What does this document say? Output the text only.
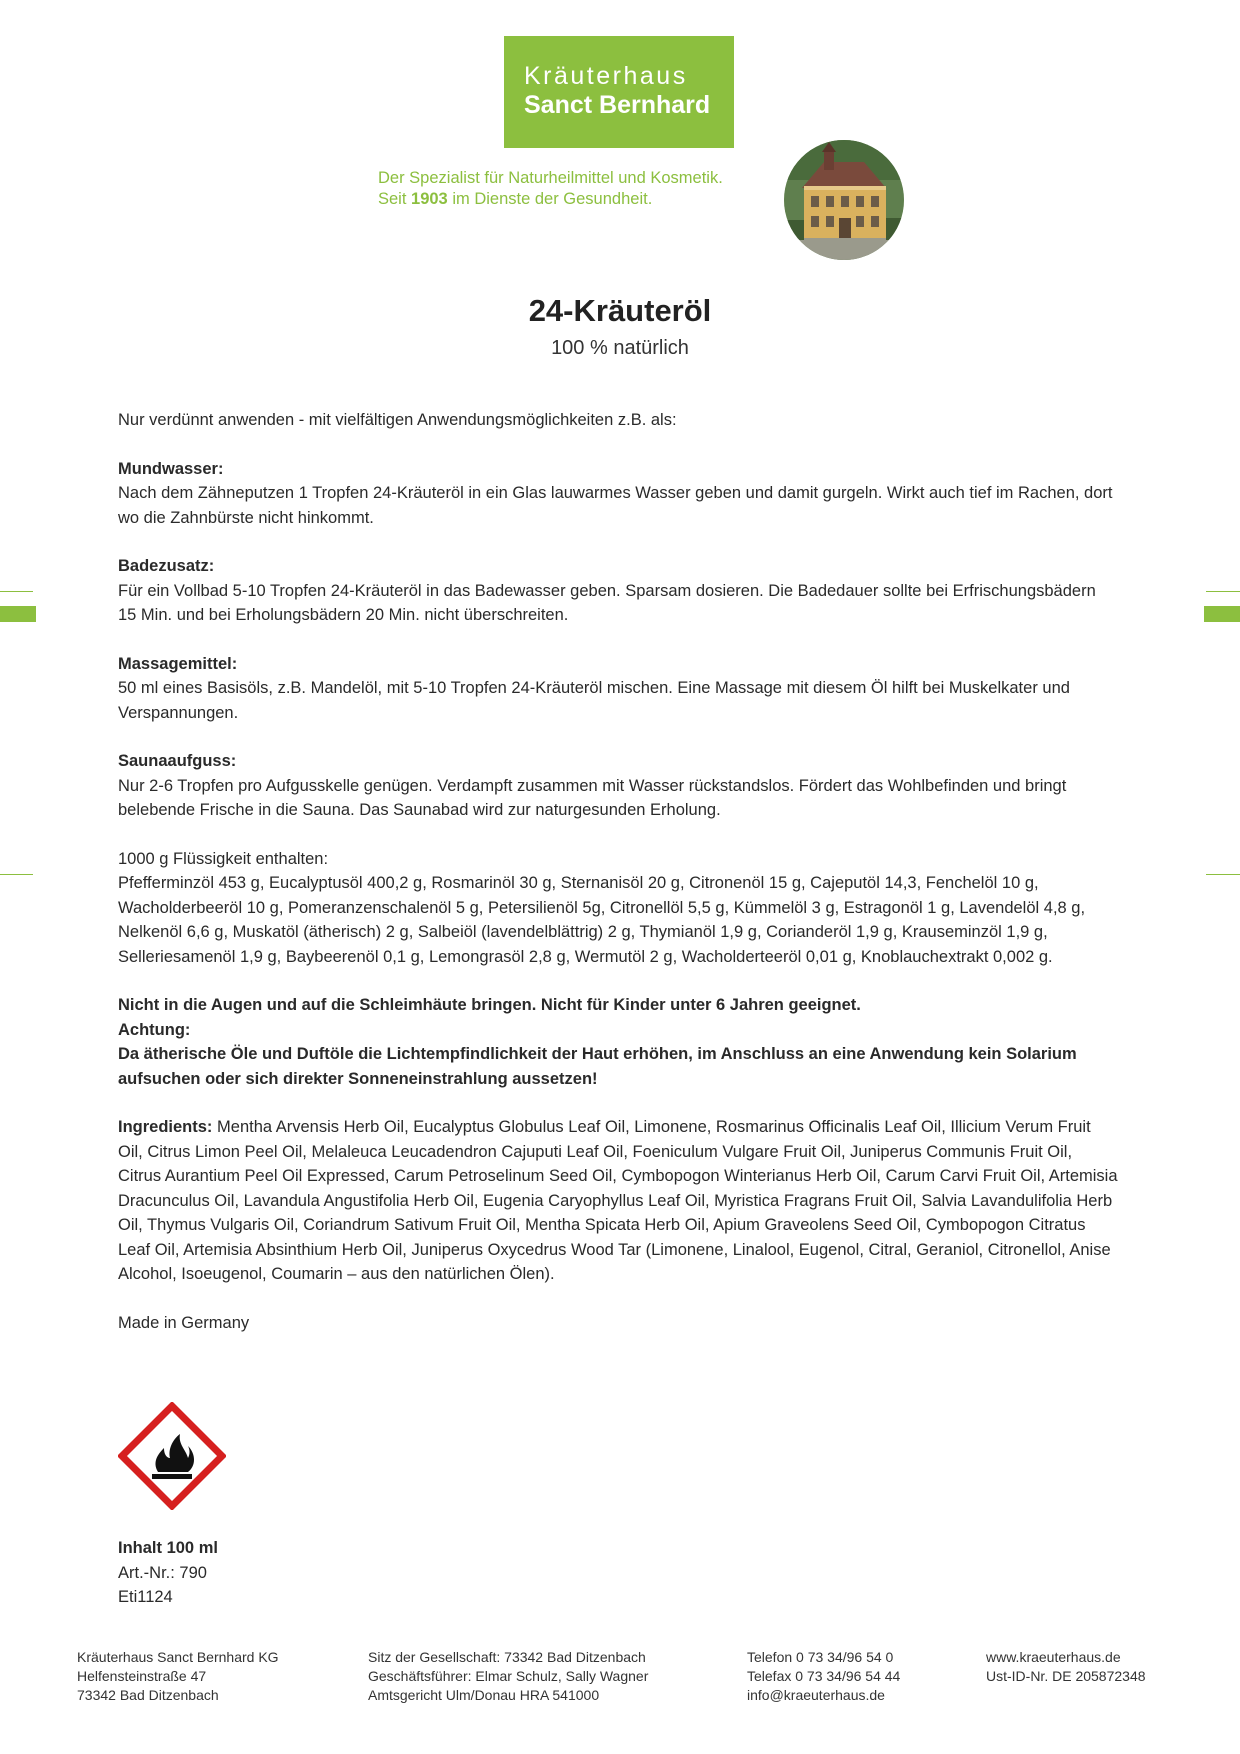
Kräuterhaus
Sanct Bernhard
Der Spezialist für Naturheilmittel und Kosmetik.
Seit 1903 im Dienste der Gesundheit.
24-Kräuteröl
100 % natürlich

Nur verdünnt anwenden - mit vielfältigen Anwendungsmöglichkeiten z.B. als:

Mundwasser:
Nach dem Zähneputzen 1 Tropfen 24-Kräuteröl in ein Glas lauwarmes Wasser geben und damit gurgeln. Wirkt auch tief im Rachen, dort wo die Zahnbürste nicht hinkommt.

Badezusatz:
Für ein Vollbad 5-10 Tropfen 24-Kräuteröl in das Badewasser geben. Sparsam dosieren. Die Badedauer sollte bei Erfrischungsbädern 15 Min. und bei Erholungsbädern 20 Min. nicht überschreiten.

Massagemittel:
50 ml eines Basisöls, z.B. Mandelöl, mit 5-10 Tropfen 24-Kräuteröl mischen. Eine Massage mit diesem Öl hilft bei Muskelkater und Verspannungen.

Saunaaufguss:
Nur 2-6 Tropfen pro Aufgusskelle genügen. Verdampft zusammen mit Wasser rückstandslos. Fördert das Wohlbefinden und bringt belebende Frische in die Sauna. Das Saunabad wird zur naturgesunden Erholung.

1000 g Flüssigkeit enthalten:
Pfefferminzöl 453 g, Eucalyptusöl 400,2 g, Rosmarinöl 30 g, Sternanisöl 20 g, Citronenöl 15 g, Cajeputöl 14,3, Fenchelöl 10 g, Wacholderbeeröl 10 g, Pomeranzenschalenöl 5 g, Petersilienöl 5g, Citronellöl 5,5 g, Kümmelöl 3 g, Estragonöl 1 g, Lavendelöl 4,8 g, Nelkenöl 6,6 g, Muskatöl (ätherisch) 2 g, Salbeiöl (lavendelblättrig) 2 g, Thymianöl 1,9 g, Corianderöl 1,9 g, Krauseminzöl 1,9 g, Selleriesamenöl 1,9 g, Baybeerenöl 0,1 g, Lemongrasöl 2,8 g, Wermutöl 2 g, Wacholderteeröl 0,01 g, Knoblauchextrakt 0,002 g.

Nicht in die Augen und auf die Schleimhäute bringen. Nicht für Kinder unter 6 Jahren geeignet.
Achtung:
Da ätherische Öle und Duftöle die Lichtempfindlichkeit der Haut erhöhen, im Anschluss an eine Anwendung kein Solarium aufsuchen oder sich direkter Sonneneinstrahlung aussetzen!

Ingredients: Mentha Arvensis Herb Oil, Eucalyptus Globulus Leaf Oil, Limonene, Rosmarinus Officinalis Leaf Oil, Illicium Verum Fruit Oil, Citrus Limon Peel Oil, Melaleuca Leucadendron Cajuputi Leaf Oil, Foeniculum Vulgare Fruit Oil, Juniperus Communis Fruit Oil, Citrus Aurantium Peel Oil Expressed, Carum Petroselinum Seed Oil, Cymbopogon Winterianus Herb Oil, Carum Carvi Fruit Oil, Artemisia Dracunculus Oil, Lavandula Angustifolia Herb Oil, Eugenia Caryophyllus Leaf Oil, Myristica Fragrans Fruit Oil, Salvia Lavandulifolia Herb Oil, Thymus Vulgaris Oil, Coriandrum Sativum Fruit Oil, Mentha Spicata Herb Oil, Apium Graveolens Seed Oil, Cymbopogon Citratus Leaf Oil, Artemisia Absinthium Herb Oil, Juniperus Oxycedrus Wood Tar (Limonene, Linalool, Eugenol, Citral, Geraniol, Citronellol, Anise Alcohol, Isoeugenol, Coumarin – aus den natürlichen Ölen).

Made in Germany

Inhalt 100 ml
Art.-Nr.: 790
Eti1124
Kräuterhaus Sanct Bernhard KG
Helfensteinstraße 47
73342 Bad Ditzenbach
Sitz der Gesellschaft: 73342 Bad Ditzenbach
Geschäftsführer: Elmar Schulz, Sally Wagner
Amtsgericht Ulm/Donau HRA 541000
Telefon 0 73 34/96 54 0
Telefax 0 73 34/96 54 44
info@kraeuterhaus.de
www.kraeuterhaus.de
Ust-ID-Nr. DE 205872348
